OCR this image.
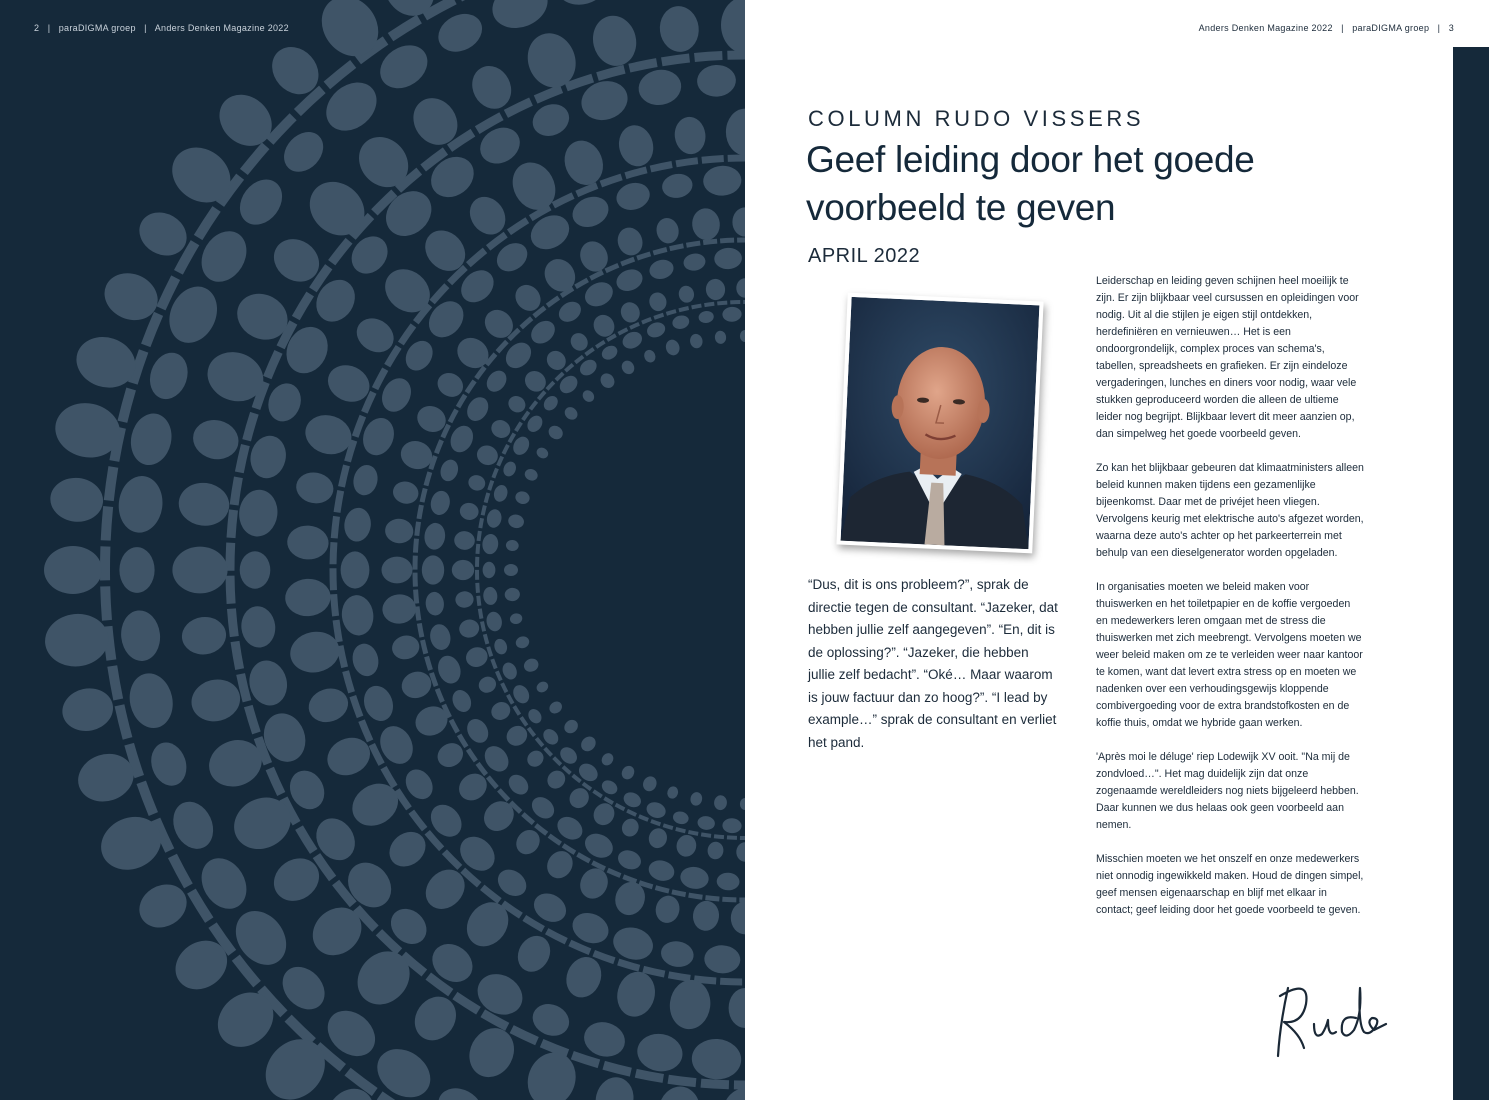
2   |   paraDIGMA groep   |   Anders Denken Magazine 2022	Anders Denken Magazine 2022   |   paraDIGMA groep   |   3
COLUMN RUDO VISSERS
Geef leiding door het goede voorbeeld te geven
APRIL 2022
“Dus, dit is ons probleem?”, sprak de directie tegen de consultant. “Jazeker, dat hebben jullie zelf aangegeven”. “En, dit is de oplossing?”. “Jazeker, die hebben jullie zelf bedacht”. “Oké… Maar waarom is jouw factuur dan zo hoog?”. “I lead by example…” sprak de consultant en verliet het pand.

Leiderschap en leiding geven schijnen heel moeilijk te zijn. Er zijn blijkbaar veel cursussen en opleidingen voor nodig. Uit al die stijlen je eigen stijl ontdekken, herdefiniëren en vernieuwen… Het is een ondoorgrondelijk, complex proces van schema's, tabellen, spreadsheets en grafieken. Er zijn eindeloze vergaderingen, lunches en diners voor nodig, waar vele stukken geproduceerd worden die alleen de ultieme leider nog begrijpt. Blijkbaar levert dit meer aanzien op, dan simpelweg het goede voorbeeld geven.

Zo kan het blijkbaar gebeuren dat klimaatministers alleen beleid kunnen maken tijdens een gezamenlijke bijeenkomst. Daar met de privéjet heen vliegen. Vervolgens keurig met elektrische auto's afgezet worden, waarna deze auto's achter op het parkeerterrein met behulp van een dieselgenerator worden opgeladen.

In organisaties moeten we beleid maken voor thuiswerken en het toiletpapier en de koffie vergoeden en medewerkers leren omgaan met de stress die thuiswerken met zich meebrengt. Vervolgens moeten we weer beleid maken om ze te verleiden weer naar kantoor te komen, want dat levert extra stress op en moeten we nadenken over een verhoudingsgewijs kloppende combivergoeding voor de extra brandstofkosten en de koffie thuis, omdat we hybride gaan werken.

'Après moi le déluge' riep Lodewijk XV ooit. "Na mij de zondvloed…". Het mag duidelijk zijn dat onze zogenaamde wereldleiders nog niets bijgeleerd hebben. Daar kunnen we dus helaas ook geen voorbeeld aan nemen.

Misschien moeten we het onszelf en onze medewerkers niet onnodig ingewikkeld maken. Houd de dingen simpel, geef mensen eigenaarschap en blijf met elkaar in contact; geef leiding door het goede voorbeeld te geven.
